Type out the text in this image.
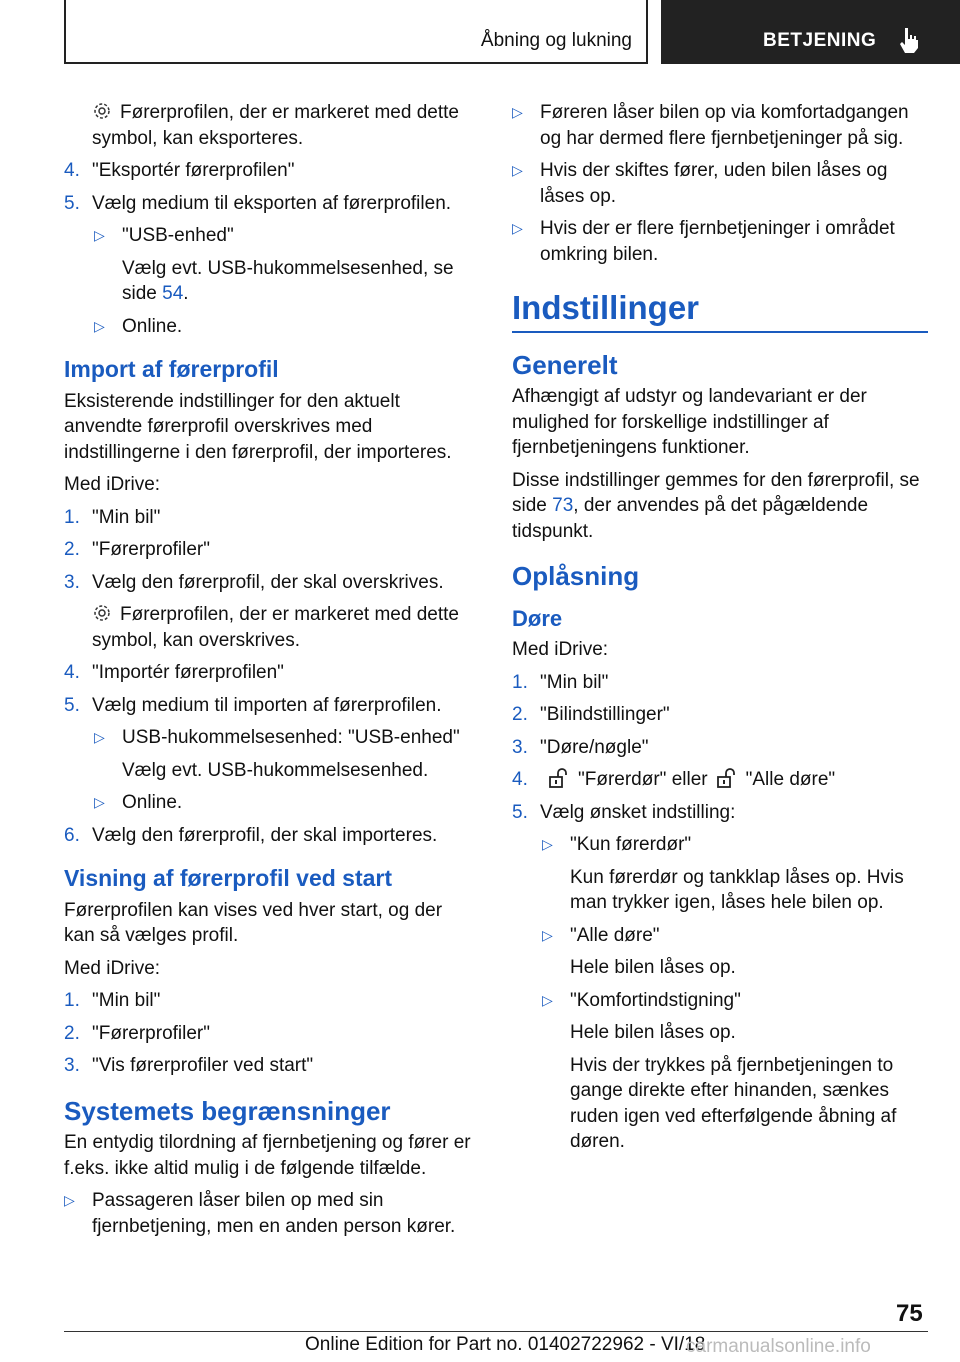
Åbning og lukning	BETJENING

Førerprofilen, der er markeret med dette symbol, kan eksporteres.

4. "Eksportér førerprofilen"
5. Vælg medium til eksporten af førerprofilen.
▷ "USB-enhed"
Vælg evt. USB-hukommelsesenhed, se side 54.
▷ Online.
Import af førerprofil

Eksisterende indstillinger for den aktuelt anvendte førerprofil overskrives med indstillingerne i den førerprofil, der importeres.

Med iDrive:

1. "Min bil"
2. "Førerprofiler"
3. Vælg den førerprofil, der skal overskrives.

Førerprofilen, der er markeret med dette symbol, kan overskrives.

4. "Importér førerprofilen"
5. Vælg medium til importen af førerprofilen.
▷ USB-hukommelsesenhed: "USB-enhed"
Vælg evt. USB-hukommelsesenhed.
▷ Online.
6. Vælg den førerprofil, der skal importeres.
Visning af førerprofil ved start

Førerprofilen kan vises ved hver start, og der kan så vælges profil.

Med iDrive:

1. "Min bil"
2. "Førerprofiler"
3. "Vis førerprofiler ved start"
Systemets begrænsninger

En entydig tilordning af fjernbetjening og fører er f.eks. ikke altid mulig i de følgende tilfælde.

▷ Passageren låser bilen op med sin fjernbetjening, men en anden person kører.
▷ Føreren låser bilen op via komfortadgangen og har dermed flere fjernbetjeninger på sig.
▷ Hvis der skiftes fører, uden bilen låses og låses op.
▷ Hvis der er flere fjernbetjeninger i området omkring bilen.
Indstillinger
Generelt

Afhængigt af udstyr og landevariant er der mulighed for forskellige indstillinger af fjernbetjeningens funktioner.

Disse indstillinger gemmes for den førerprofil, se side 73, der anvendes på det pågældende tidspunkt.

Oplåsning
Døre

Med iDrive:

1. "Min bil"
2. "Bilindstillinger"
3. "Døre/nøgle"
4.	"Førerdør" eller "Alle døre"
5. Vælg ønsket indstilling:
▷ "Kun førerdør"
Kun førerdør og tankklap låses op. Hvis man trykker igen, låses hele bilen op.
▷ "Alle døre"
Hele bilen låses op.
▷ "Komfortindstigning"
Hele bilen låses op.
Hvis der trykkes på fjernbetjeningen to gange direkte efter hinanden, sænkes ruden igen ved efterfølgende åbning af døren.
75
Online Edition for Part no. 01402722962 - VI/18
carmanualsonline.info
